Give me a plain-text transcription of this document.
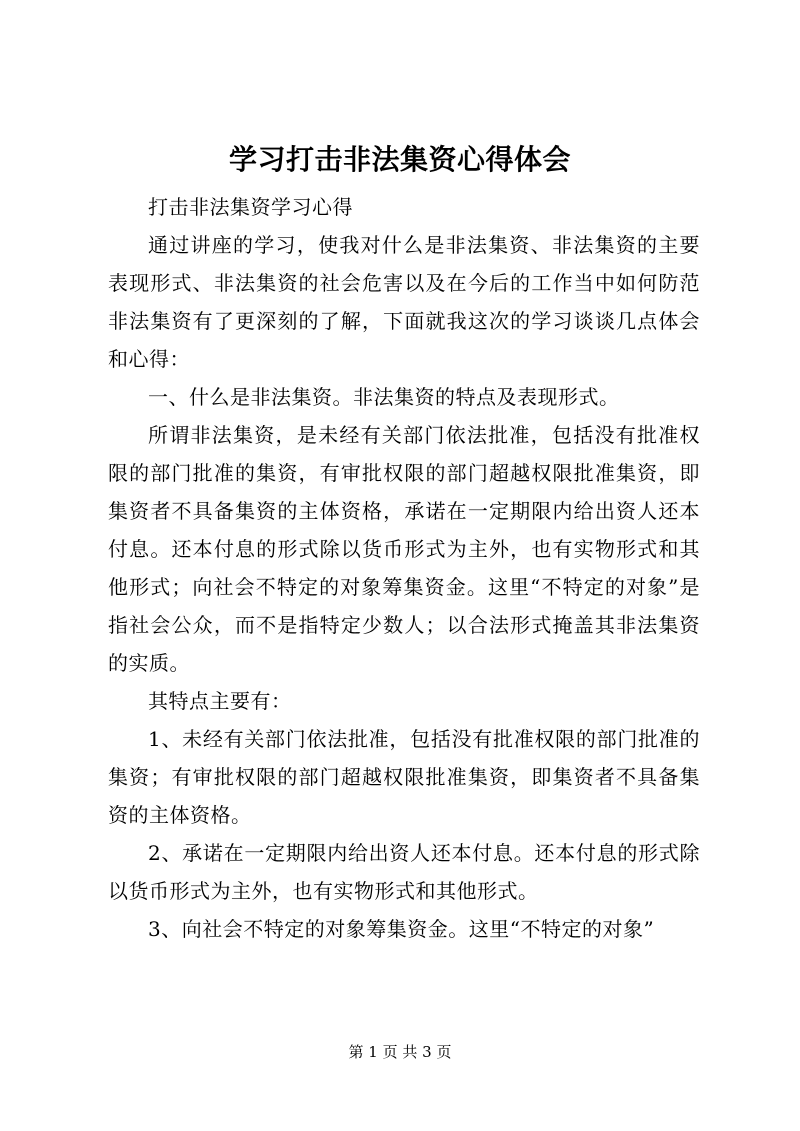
学习打击非法集资心得体会

打击非法集资学习心得

通过讲座的学习，使我对什么是非法集资、非法集资的主要表现形式、非法集资的社会危害以及在今后的工作当中如何防范非法集资有了更深刻的了解，下面就我这次的学习谈谈几点体会和心得：

一、什么是非法集资。非法集资的特点及表现形式。

所谓非法集资，是未经有关部门依法批准，包括没有批准权限的部门批准的集资，有审批权限的部门超越权限批准集资，即集资者不具备集资的主体资格，承诺在一定期限内给出资人还本付息。还本付息的形式除以货币形式为主外，也有实物形式和其他形式；向社会不特定的对象筹集资金。这里“不特定的对象”是指社会公众，而不是指特定少数人；以合法形式掩盖其非法集资的实质。

其特点主要有：

1、未经有关部门依法批准，包括没有批准权限的部门批准的集资；有审批权限的部门超越权限批准集资，即集资者不具备集资的主体资格。

2、承诺在一定期限内给出资人还本付息。还本付息的形式除以货币形式为主外，也有实物形式和其他形式。

3、向社会不特定的对象筹集资金。这里“不特定的对象”

第 1 页 共 3 页
